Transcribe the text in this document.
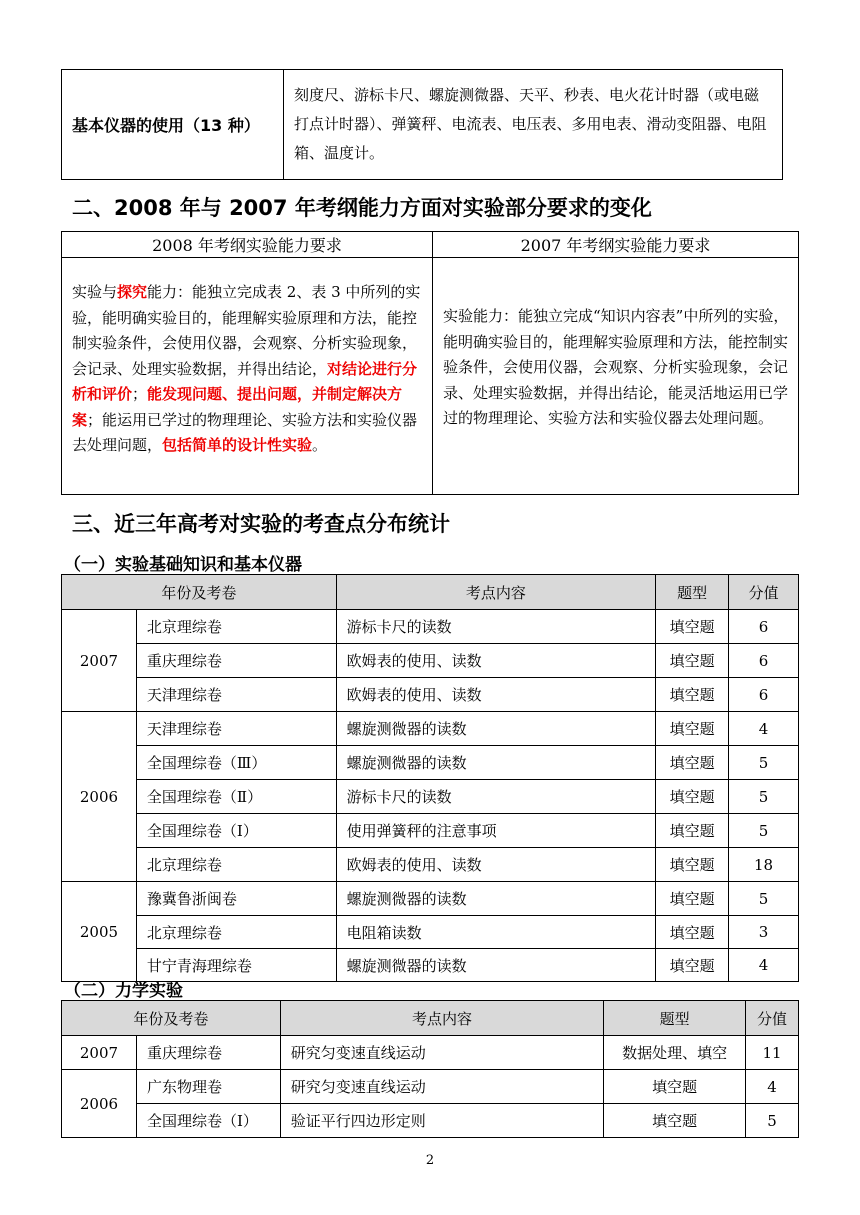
基本仪器的使用（13 种）	刻度尺、游标卡尺、螺旋测微器、天平、秒表、电火花计时器（或电磁打点计时器）、弹簧秤、电流表、电压表、多用电表、滑动变阻器、电阻箱、温度计。
二、2008 年与 2007 年考纲能力方面对实验部分要求的变化
2008 年考纲实验能力要求	2007 年考纲实验能力要求
实验与探究能力：能独立完成表 2、表 3 中所列的实验，能明确实验目的，能理解实验原理和方法，能控制实验条件，会使用仪器，会观察、分析实验现象，会记录、处理实验数据，并得出结论，对结论进行分析和评价；能发现问题、提出问题，并制定解决方案；能运用已学过的物理理论、实验方法和实验仪器去处理问题，包括简单的设计性实验。	实验能力：能独立完成“知识内容表”中所列的实验，能明确实验目的，能理解实验原理和方法，能控制实验条件，会使用仪器，会观察、分析实验现象，会记录、处理实验数据，并得出结论，能灵活地运用已学过的物理理论、实验方法和实验仪器去处理问题。
三、近三年高考对实验的考查点分布统计
（一）实验基础知识和基本仪器
年份及考卷		考点内容	题型	分值
2007	北京理综卷	游标卡尺的读数	填空题	6
	重庆理综卷	欧姆表的使用、读数	填空题	6
	天津理综卷	欧姆表的使用、读数	填空题	6
2006	天津理综卷	螺旋测微器的读数	填空题	4
	全国理综卷（Ⅲ）	螺旋测微器的读数	填空题	5
	全国理综卷（Ⅱ）	游标卡尺的读数	填空题	5
	全国理综卷（Ⅰ）	使用弹簧秤的注意事项	填空题	5
	北京理综卷	欧姆表的使用、读数	填空题	18
2005	豫冀鲁浙闽卷	螺旋测微器的读数	填空题	5
	北京理综卷	电阻箱读数	填空题	3
	甘宁青海理综卷	螺旋测微器的读数	填空题	4
（二）力学实验
年份及考卷		考点内容	题型	分值
2007	重庆理综卷	研究匀变速直线运动	数据处理、填空	11
2006	广东物理卷	研究匀变速直线运动	填空题	4
	全国理综卷（Ⅰ）	验证平行四边形定则	填空题	5
2
